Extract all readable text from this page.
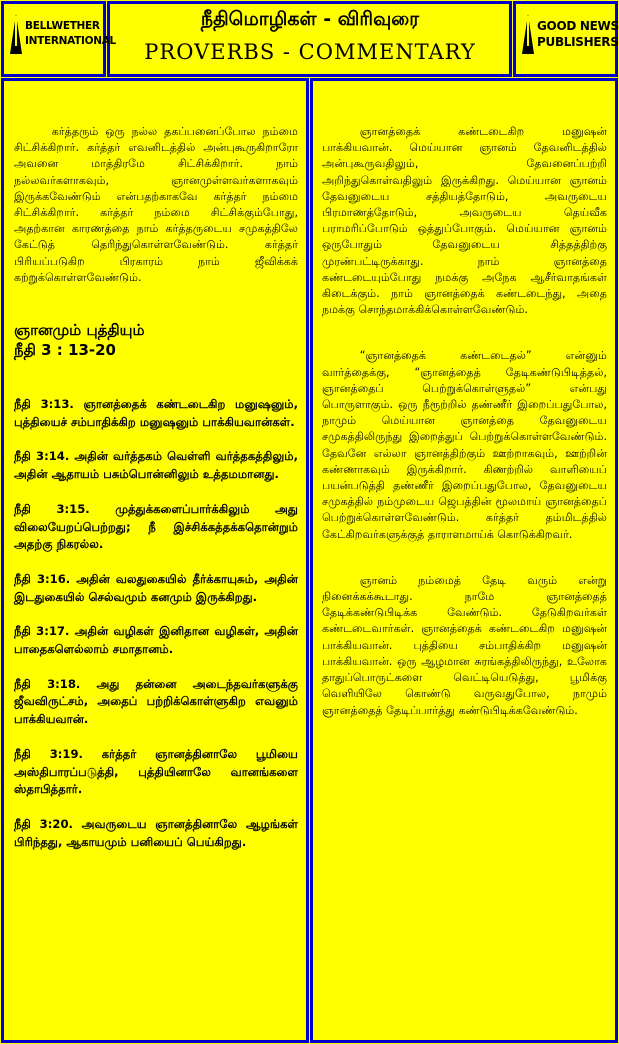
BELLWETHER
INTERNATIONAL
நீதிமொழிகள் - விரிவுரை
PROVERBS - COMMENTARY
GOOD NEWS
PUBLISHERS

கர்த்தரும் ஒரு நல்ல தகப்பனைப்போல நம்மை சிட்சிக்கிறார். கர்த்தர் எவனிடத்தில் அன்புகூருகிறாரோ அவனை மாத்திரமே சிட்சிக்கிறார். நாம் நல்லவர்களாகவும், ஞானமுள்ளவர்களாகவும் இருக்கவேண்டும் என்பதற்காகவே கர்த்தர் நம்மை சிட்சிக்கிறார். கர்த்தர் நம்மை சிட்சிக்கும்போது, அதற்கான காரணத்தை நாம் கர்த்தருடைய சமுகத்திலே கேட்டுத் தெரிந்துகொள்ளவேண்டும். கர்த்தர் பிரியப்படுகிற பிரகாரம் நாம் ஜீவிக்கக் கற்றுக்கொள்ளவேண்டும்.

ஞானமும் புத்தியும்
நீதி 3 : 13-20

நீதி 3:13. ஞானத்தைக் கண்டடைகிற மனுஷனும், புத்தியைச் சம்பாதிக்கிற மனுஷனும் பாக்கியவான்கள்.

நீதி 3:14. அதின் வர்த்தகம் வெள்ளி வர்த்தகத்திலும், அதின் ஆதாயம் பசும்பொன்னிலும் உத்தமமானது.

நீதி 3:15. முத்துக்களைப்பார்க்கிலும் அது விலையேறப்பெற்றது; நீ இச்சிக்கத்தக்கதொன்றும் அதற்கு நிகரல்ல.

நீதி 3:16. அதின் வலதுகையில் தீர்க்காயுசும், அதின் இடதுகையில் செல்வமும் கனமும் இருக்கிறது.

நீதி 3:17. அதின் வழிகள் இனிதான வழிகள், அதின் பாதைகளெல்லாம் சமாதானம்.

நீதி 3:18. அது தன்னை அடைந்தவர்களுக்கு ஜீவவிருட்சம், அதைப் பற்றிக்கொள்ளுகிற எவனும் பாக்கியவான்.

நீதி 3:19. கர்த்தர் ஞானத்தினாலே பூமியை அஸ்திபாரப்படுத்தி, புத்தியினாலே வானங்களை ஸ்தாபித்தார்.

நீதி 3:20. அவருடைய ஞானத்தினாலே ஆழங்கள் பிரிந்தது, ஆகாயமும் பனியைப் பெய்கிறது.

ஞானத்தைக் கண்டடைகிற மனுஷன் பாக்கியவான். மெய்யான ஞானம் தேவனிடத்தில் அன்புகூருவதிலும், தேவனைப்பற்றி அறிந்துகொள்வதிலும் இருக்கிறது. மெய்யான ஞானம் தேவனுடைய சத்தியத்தோடும், அவருடைய பிரமாணத்தோடும், அவருடைய தெய்வீக பராமரிப்போடும் ஒத்துப்போகும். மெய்யான ஞானம் ஒருபோதும் தேவனுடைய சித்தத்திற்கு முரண்பட்டிருக்காது. நாம் ஞானத்தை கண்டடையும்போது நமக்கு அநேக ஆசீர்வாதங்கள் கிடைக்கும். நாம் ஞானத்தைக் கண்டடைந்து, அதை நமக்கு சொந்தமாக்கிக்கொள்ளவேண்டும்.

“ஞானத்தைக் கண்டடைதல்” என்னும் வார்த்தைக்கு, “ஞானத்தைத் தேடிகண்டுபிடித்தல், ஞானத்தைப் பெற்றுக்கொள்ளுதல்” என்பது பொருளாகும். ஒரு நீரூற்றில் தண்ணீர் இறைப்பதுபோல, நாமும் மெய்யான ஞானத்தை தேவனுடைய சமுகத்திலிருந்து இறைத்துப் பெற்றுக்கொள்ளவேண்டும். தேவனே எல்லா ஞானத்திற்கும் ஊற்றாகவும், ஊற்றின் கண்ணாகவும் இருக்கிறார். கிணற்றில் வாளியைப் பயன்படுத்தி தண்ணீர் இறைப்பதுபோல, தேவனுடைய சமுகத்தில் நம்முடைய ஜெபத்தின் மூலமாய் ஞானத்தைப் பெற்றுக்கொள்ளவேண்டும். கர்த்தர் தம்மிடத்தில் கேட்கிறவர்களுக்குத் தாராளமாய்க் கொடுக்கிறவர்.

ஞானம் நம்மைத் தேடி வரும் என்று நினைக்கக்கூடாது. நாமே ஞானத்தைத் தேடிக்கண்டுபிடிக்க வேண்டும். தேடுகிறவர்கள் கண்டடைவார்கள். ஞானத்தைக் கண்டடைகிற மனுஷன் பாக்கியவான். புத்தியை சம்பாதிக்கிற மனுஷன் பாக்கியவான். ஒரு ஆழமான சுரங்கத்திலிருந்து, உலோக தாதுப்பொருட்களை வெட்டியெடுத்து, பூமிக்கு வெளியிலே கொண்டு வருவதுபோல, நாமும் ஞானத்தைத் தேடிப்பார்த்து கண்டுபிடிக்கவேண்டும்.
